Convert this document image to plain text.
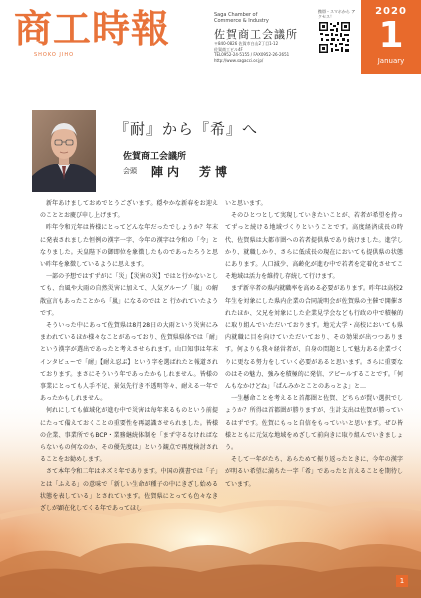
商工時報
SHOKO JIHO
Saga Chamber of
Commerce & Industry
佐賀商工会議所
〒840-0826 佐賀市白山2丁目1-12
佐賀商工ビル4F
TEL0952-24-5155 / FAX0952-26-2651
http://www.sagacci.or.jp/
携帯・スマホから アクセス！	2020
1
January
『耐』から『希』へ
佐賀商工会議所
会頭 陣内　芳博

新年あけましておめでとうございます。穏やかな新春をお迎えのこととお慶び申し上げます。

昨年令和元年は皆様にとってどんな年だったでしょうか？年末に発表されました恒例の漢字一字、今年の漢字は令和の「令」となりました。天皇陛下の御即位を象徴したものであったろうと思い昨年を象徴しているように思えます。

一部の予想ではすずがに「災」【災害の災】ではと行かないとしても、台風や大雨の自然災害に加えて、人気グループ「嵐」の解散宣言もあったことから「嵐」になるのでは と 行かれていたようです。

そういった中にあって佐賀県は8月28日の大雨という災害にみまわれているほか様々なことがあっており、佐賀県県体では「耐」という漢字が選出であったと考えさせられます。山口知事は年末インタビューで「耐」【耐え忍ぶ】という字を選ばれたと報道されております。まさにそういう年であったかもしれません。皆様の事業にとっても人手不足、景気先行き不透明等々、耐える一年であったかもしれません。

何れにしても値域化が進む中で災害は毎年来るものという前提にたって備えておくことの重要性を再認識させられました。皆様の企業、事業所でもBCP・業務継続体制を「まず守るなければならないもの何なのか、その優先度は」という観点で再度検討されることをお勧めします。

さて本年令和二年はネズミ年であります。中国の漢書では「子」とは「ふえる」の意味で「新しい生命が種子の中にきざし始める状態を表している」とされています。佐賀県にとっても色々なきざしが顕在化してくる年であってほし

いと思います。

そのひとつとして実現していきたいことが、若者が希望を持ってずっと続ける地域づくりということです。高度経済成長の時代、佐賀県は大都市圏への若者提供県であり続けました。進学しかり、就職しかり、さらに低成長の現在においても提供県の状態にあります。人口減少、高齢化が進む中で若者を定着化させてこそ地域は活力を維持し存続して行けます。

まず新卒者の県内就職率を高める必要があります。昨年は高校2年生を対象にした県内企業の合同説明会が佐賀県の主催で開催されたほか、父兄を対象にした企業見学会なども行政の中で積極的に取り組んでいただいております。地元大学・高校においても県内就職に目を向けていただいており、その効果が出つつあります。何よりも我々経営者が、自身の問題として魅力ある企業づくりに更なる努力をしていく必要があると思います。さらに重要なのはその魅力、強みを積極的に発信、アピールすることです。「何んもなかけどね」「ぱんみかとことのあっとよ」と…

一生懸命ことを考えると首都圏と佐賀、どちらが賢い選択でしょうか？所得は首都圏が勝りますが、生計支出は佐賀が勝っているはずです。佐賀にもっと自信をもっていいと思います。ぜひ皆様とともに元気な地域をめざして前向きに取り組んでいきましょう。

そして一年がたち、あらためて振り返ったときに、今年の漢字が明るい希望に満ちた一字「希」であったと言えることを期待しています。

1
